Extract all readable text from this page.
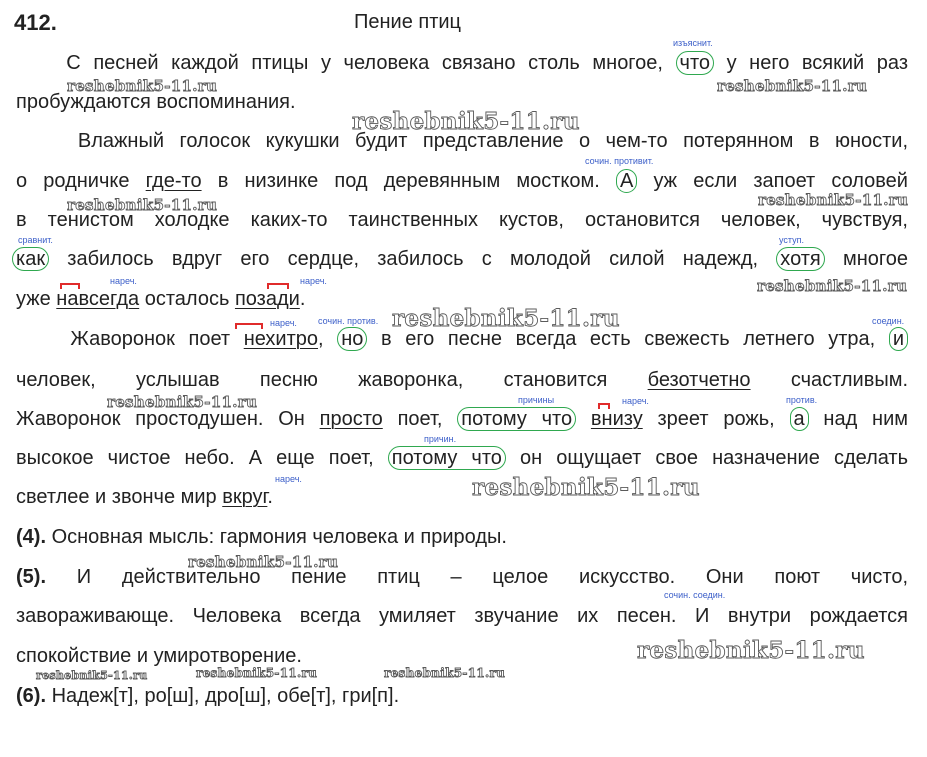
412.	Пение птиц
С песней каждой птицы у человека связано столь многое, что у него всякий раз
пробуждаются воспоминания.
Влажный голосок кукушки будит представление о чем-то потерянном в юности,
о родничке где-то в низинке под деревянным мостком. А уж если запоет соловей
в тенистом холодке каких-то таинственных кустов, остановится человек, чувствуя,
как забилось вдруг его сердце, забилось с молодой силой надежд, хотя многое
уже навсегда осталось позади.
Жаворонок поет нехитро, но в его песне всегда есть свежесть летнего утра, и
человек, услышав песню жаворонка, становится безотчетно счастливым.
Жаворонок простодушен. Он просто поет, потому что внизу зреет рожь, а над ним
высокое чистое небо. А еще поет, потому что он ощущает свое назначение сделать
светлее и звонче мир вкруг.
(4). Основная мысль: гармония человека и природы.
(5). И действительно пение птиц – целое искусство. Они поют чисто,
завораживающе. Человека всегда умиляет звучание их песен. И внутри рождается
спокойствие и умиротворение.
(6). Надеж[т], ро[ш], дро[ш], обе[т], гри[п].
изъяснит.
сочин. противит.
сравнит.	уступ.
нареч.	нареч.
нареч. сочин. против.	соедин.
причины	нареч.	против.
причин.
нареч.
сочин. соедин.
reshebnik5-11.ru	reshebnik5-11.ru
reshebnik5-11.ru
reshebnik5-11.ru
reshebnik5-11.ru
reshebnik5-11.ru
reshebnik5-11.ru
reshebnik5-11.ru
reshebnik5-11.ru
reshebnik5-11.ru
reshebnik5-11.ru
reshebnik5-11.ru	reshebnik5-11.ru	reshebnik5-11.ru
